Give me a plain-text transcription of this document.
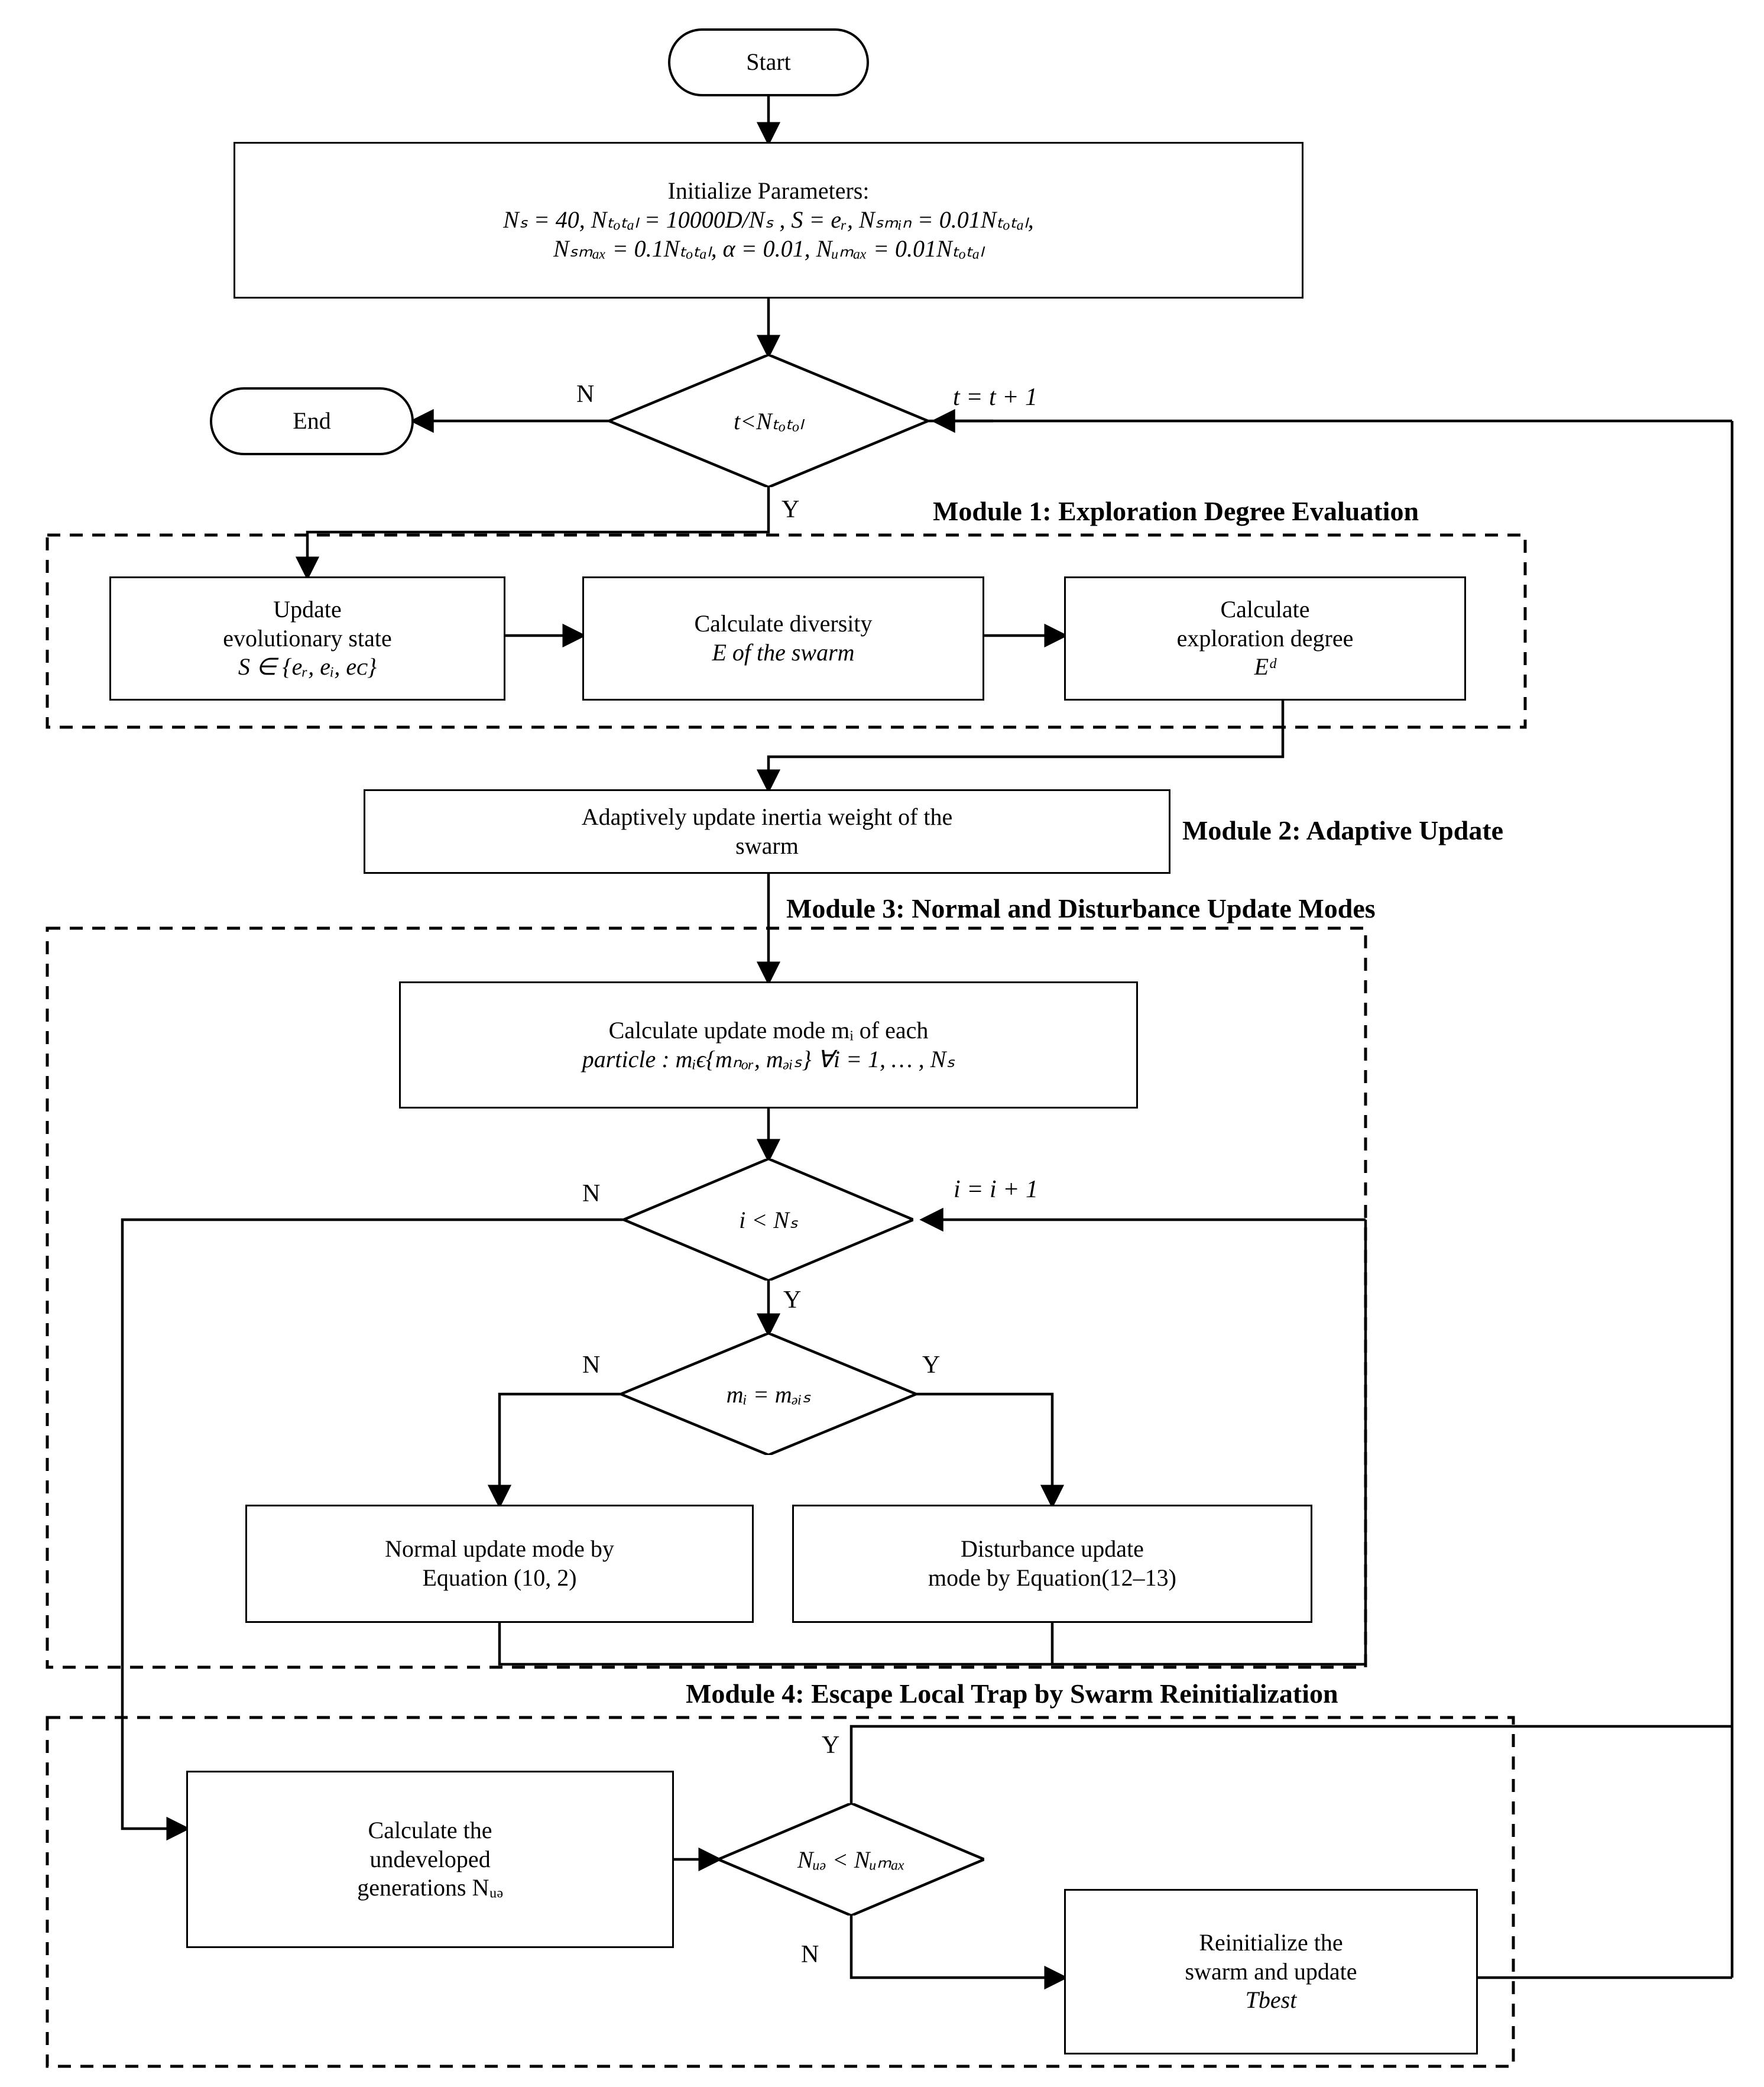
Start
Initialize Parameters:
Nₛ = 40, Nₜₒₜₐₗ = 10000D/Nₛ , S = eᵣ, Nₛₘᵢₙ = 0.01Nₜₒₜₐₗ,
Nₛₘₐₓ = 0.1Nₜₒₜₐₗ, α = 0.01, Nᵤₘₐₓ = 0.01Nₜₒₜₐₗ
End	t<Nₜₒₜₒₗ
Update
evolutionary state
S ∈ {eᵣ, eᵢ, eᴄ}
Calculate diversity
E of the swarm
Calculate
exploration degree
Eᵈ
Adaptively update inertia weight of the
swarm
Calculate update mode mᵢ of each
particle : mᵢϵ{mₙₒᵣ, mₔᵢₛ} ∀i = 1, … , Nₛ
i < Nₛ
mᵢ = mₔᵢₛ
Normal update mode by
Equation (10, 2)
Disturbance update
mode by Equation(12–13)
Calculate the
undeveloped
generations Nᵤₔ
Nᵤₔ < Nᵤₘₐₓ
Reinitialize the
swarm and update
Tbest
N
Y
t = t + 1
N
Y
i = i + 1
N	Y
Y
N
Module 1: Exploration Degree Evaluation
Module 2: Adaptive Update
Module 3: Normal and Disturbance Update Modes
Module 4: Escape Local Trap by Swarm Reinitialization
